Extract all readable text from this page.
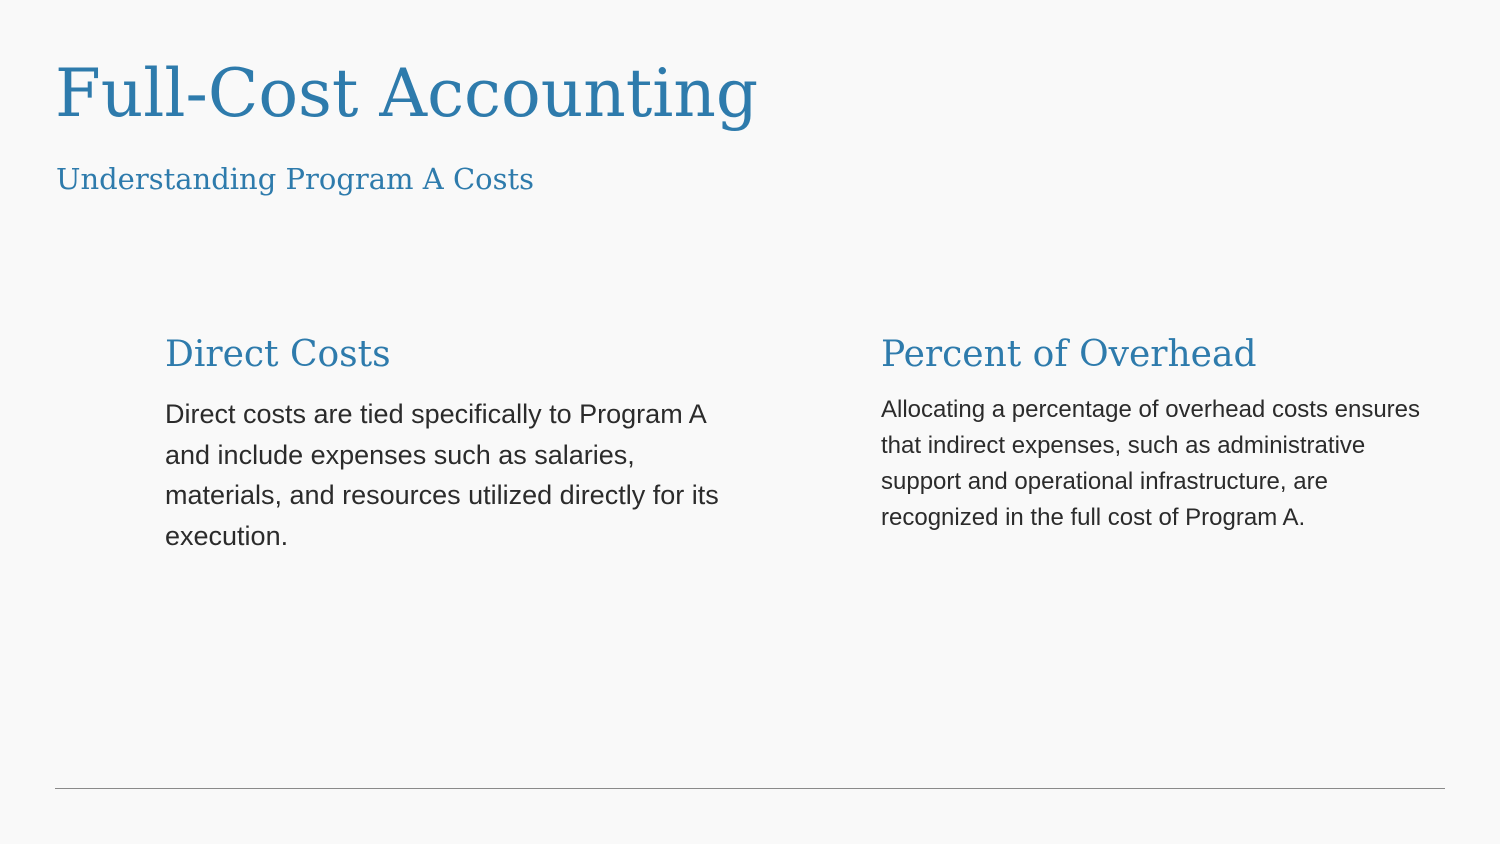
Full-Cost Accounting
Understanding Program A Costs
Direct Costs

Direct costs are tied specifically to Program A and include expenses such as salaries, materials, and resources utilized directly for its execution.

Percent of Overhead

Allocating a percentage of overhead costs ensures that indirect expenses, such as administrative support and operational infrastructure, are recognized in the full cost of Program A.
